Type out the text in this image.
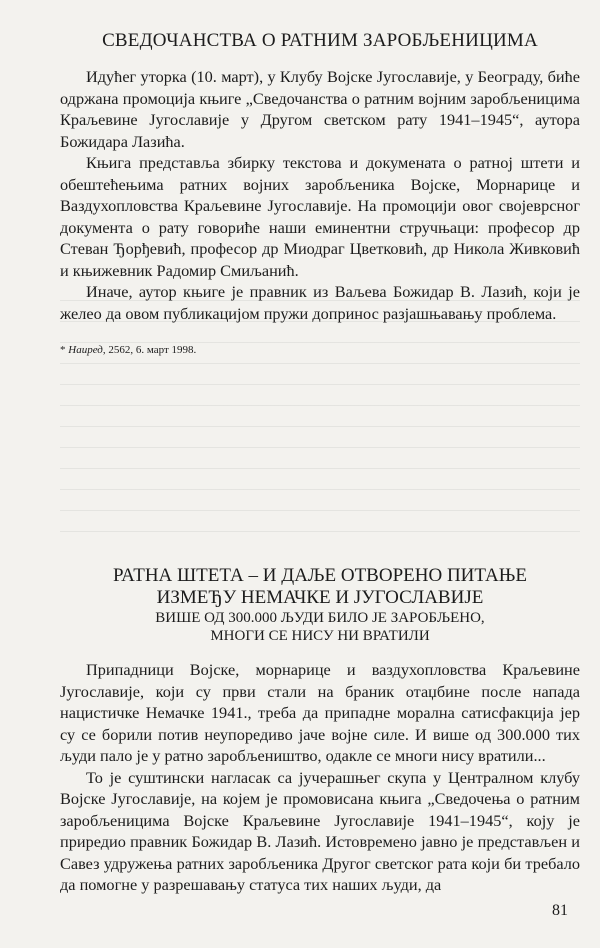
СВЕДОЧАНСТВА О РАТНИМ ЗАРОБЉЕНИЦИМА

Идућег уторка (10. март), у Клубу Војске Југославије, у Београду, биће одржана промоција књиге „Сведочанства о ратним војним заробљеницима Краљевине Југославије у Другом светском рату 1941–1945“, аутора Божидара Лазића.

Књига представља збирку текстова и докумената о ратној штети и обештећењима ратних војних заробљеника Војске, Морнарице и Ваздухопловства Краљевине Југославије. На промоцији овог својеврсног документа о рату говориће наши еминентни стручњаци: професор др Стеван Ђорђевић, професор др Миодраг Цветковић, др Никола Живковић и књижевник Радомир Смиљанић.

Иначе, аутор књиге је правник из Ваљева Божидар В. Лазић, који је желео да овом публикацијом пружи допринос разјашњавању проблема.

* Наиред, 2562, 6. март 1998.

РАТНА ШТЕТА – И ДАЉЕ ОТВОРЕНО ПИТАЊЕ
ИЗМЕЂУ НЕМАЧКЕ И ЈУГОСЛАВИЈЕ
ВИШЕ ОД 300.000 ЉУДИ БИЛО ЈЕ ЗАРОБЉЕНО,
МНОГИ СЕ НИСУ НИ ВРАТИЛИ

Припадници Војске, морнарице и ваздухопловства Краљевине Југославије, који су први стали на браник отаџбине после напада нацистичке Немачке 1941., треба да припадне морална сатисфакција јер су се борили потив неупоредиво јаче војне силе. И више од 300.000 тих људи пало је у ратно заробљеништво, одакле се многи нису вратили...

То је суштински нагласак са јучерашњег скупа у Централном клубу Војске Југославије, на којем је промовисана књига „Сведочења о ратним заробљеницима Војске Краљевине Југославије 1941–1945“, коју је приредио правник Божидар В. Лазић. Истовремено јавно је представљен и Савез удружења ратних заробљеника Другог светског рата који би требало да помогне у разрешавању статуса тих наших људи, да

81
